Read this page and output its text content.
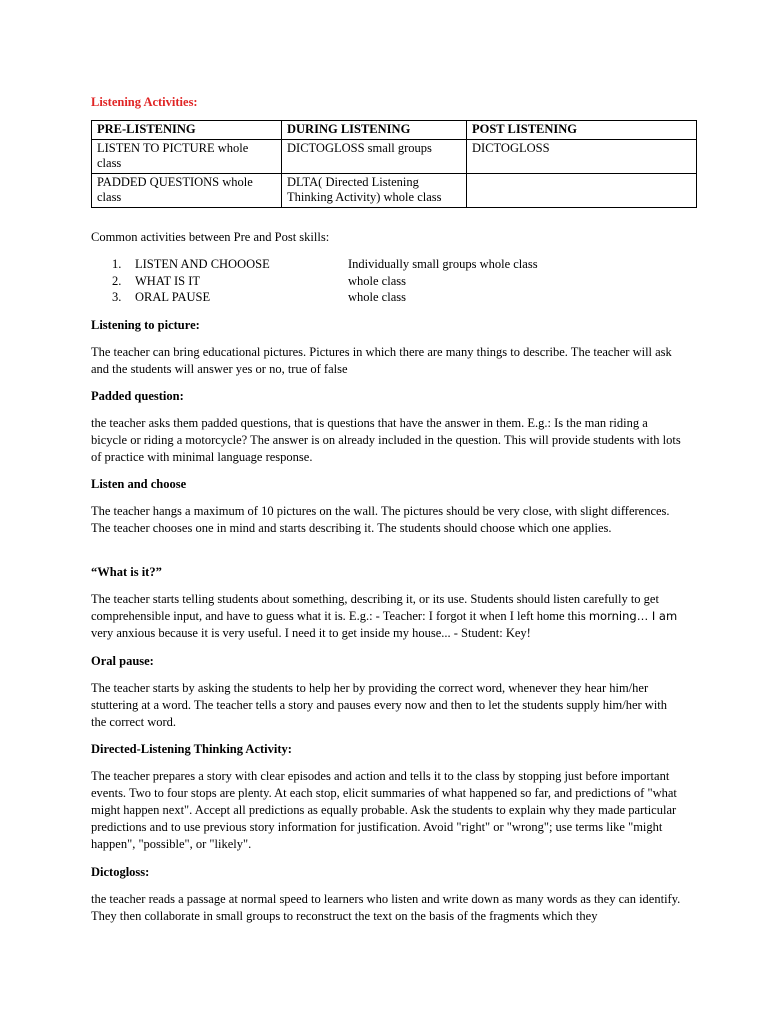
Listening Activities:
PRE-LISTENING	DURING LISTENING	POST LISTENING
LISTEN TO PICTURE whole class	DICTOGLOSS small groups	DICTOGLOSS
PADDED QUESTIONS whole class	DLTA( Directed Listening Thinking Activity) whole class	
Common activities between Pre and Post skills:
1. LISTEN AND CHOOOSE	Individually small groups whole class
2. WHAT IS IT	whole class
3. ORAL PAUSE	whole class
Listening to picture:

The teacher can bring educational pictures. Pictures in which there are many things to describe. The teacher will ask and the students will answer yes or no, true of false

Padded question:

the teacher asks them padded questions, that is questions that have the answer in them. E.g.: Is the man riding a bicycle or riding a motorcycle? The answer is on already included in the question. This will provide students with lots of practice with minimal language response.

Listen and choose

The teacher hangs a maximum of 10 pictures on the wall. The pictures should be very close, with slight differences. The teacher chooses one in mind and starts describing it. The students should choose which one applies.

“What is it?”

The teacher starts telling students about something, describing it, or its use. Students should listen carefully to get comprehensible input, and have to guess what it is. E.g.: - Teacher: I forgot it when I left home this morning… I am very anxious because it is very useful. I need it to get inside my house... - Student: Key!

Oral pause:

The teacher starts by asking the students to help her by providing the correct word, whenever they hear him/her stuttering at a word. The teacher tells a story and pauses every now and then to let the students supply him/her with the correct word.

Directed-Listening Thinking Activity:

The teacher prepares a story with clear episodes and action and tells it to the class by stopping just before important events. Two to four stops are plenty. At each stop, elicit summaries of what happened so far, and predictions of "what might happen next". Accept all predictions as equally probable. Ask the students to explain why they made particular predictions and to use previous story information for justification. Avoid "right" or "wrong"; use terms like "might happen", "possible", or "likely".

Dictogloss:

the teacher reads a passage at normal speed to learners who listen and write down as many words as they can identify. They then collaborate in small groups to reconstruct the text on the basis of the fragments which they
